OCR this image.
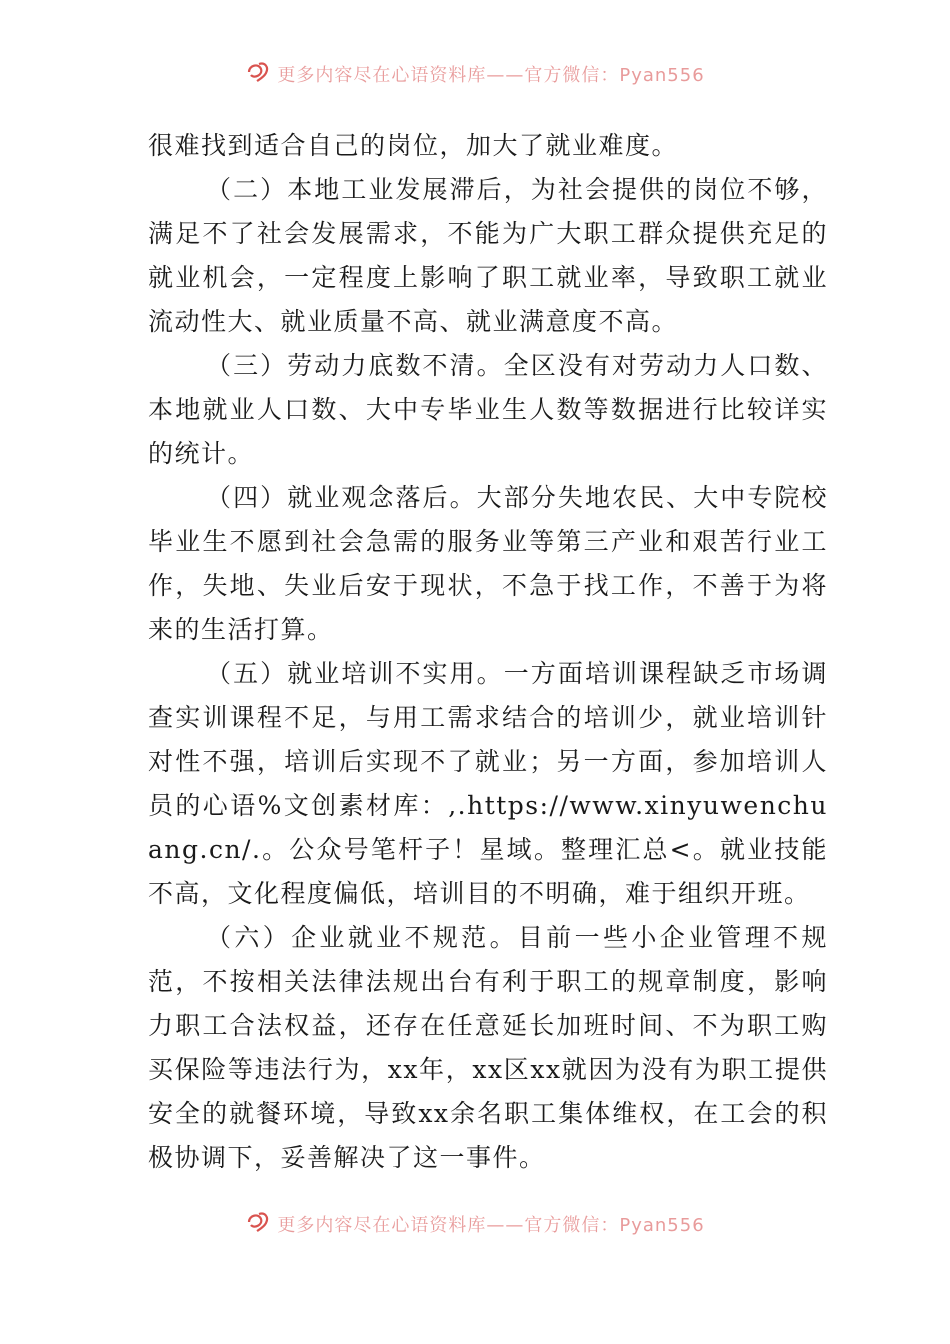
更多内容尽在心语资料库——官方微信：Pyan556

很难找到适合自己的岗位，加大了就业难度。

（二）本地工业发展滞后，为社会提供的岗位不够，满足不了社会发展需求，不能为广大职工群众提供充足的就业机会，一定程度上影响了职工就业率，导致职工就业流动性大、就业质量不高、就业满意度不高。

（三）劳动力底数不清。全区没有对劳动力人口数、本地就业人口数、大中专毕业生人数等数据进行比较详实的统计。

（四）就业观念落后。大部分失地农民、大中专院校毕业生不愿到社会急需的服务业等第三产业和艰苦行业工作，失地、失业后安于现状，不急于找工作，不善于为将来的生活打算。

（五）就业培训不实用。一方面培训课程缺乏市场调查实训课程不足，与用工需求结合的培训少，就业培训针对性不强，培训后实现不了就业；另一方面，参加培训人员的心语%文创素材库：,.https://www.xinyuwenchuang.cn/.。公众号笔杆子！星域。整理汇总<。就业技能不高，文化程度偏低，培训目的不明确，难于组织开班。

（六）企业就业不规范。目前一些小企业管理不规范，不按相关法律法规出台有利于职工的规章制度，影响力职工合法权益，还存在任意延长加班时间、不为职工购买保险等违法行为，xx年，xx区xx就因为没有为职工提供安全的就餐环境，导致xx余名职工集体维权，在工会的积极协调下，妥善解决了这一事件。

更多内容尽在心语资料库——官方微信：Pyan556
